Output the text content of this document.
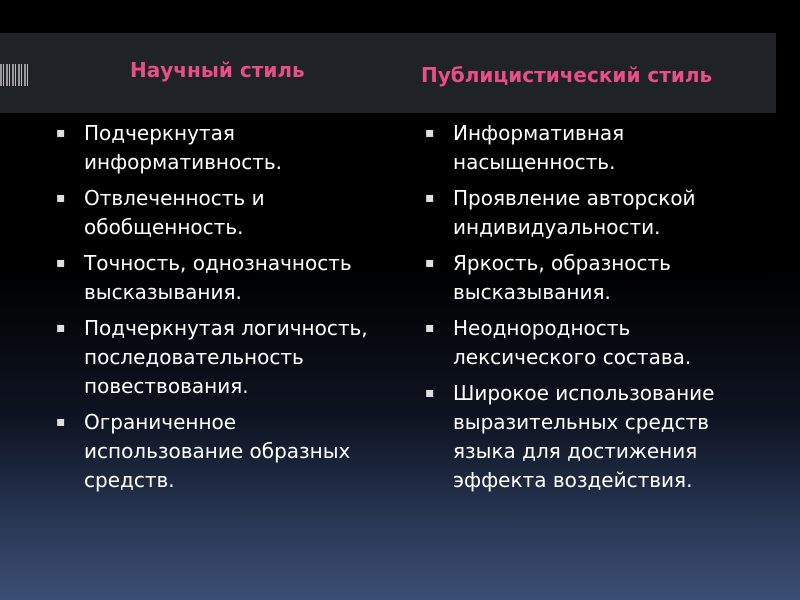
Научный стиль	Публицистический стиль
▪ Подчеркнутая информативность.
▪ Отвлеченность и обобщенность.
▪ Точность, однозначность высказывания.
▪ Подчеркнутая логичность, последовательность повествования.
▪ Ограниченное использование образных средств.
▪ Информативная насыщенность.
▪ Проявление авторской индивидуальности.
▪ Яркость, образность высказывания.
▪ Неоднородность лексического состава.
▪ Широкое использование выразительных средств языка для достижения эффекта воздействия.
